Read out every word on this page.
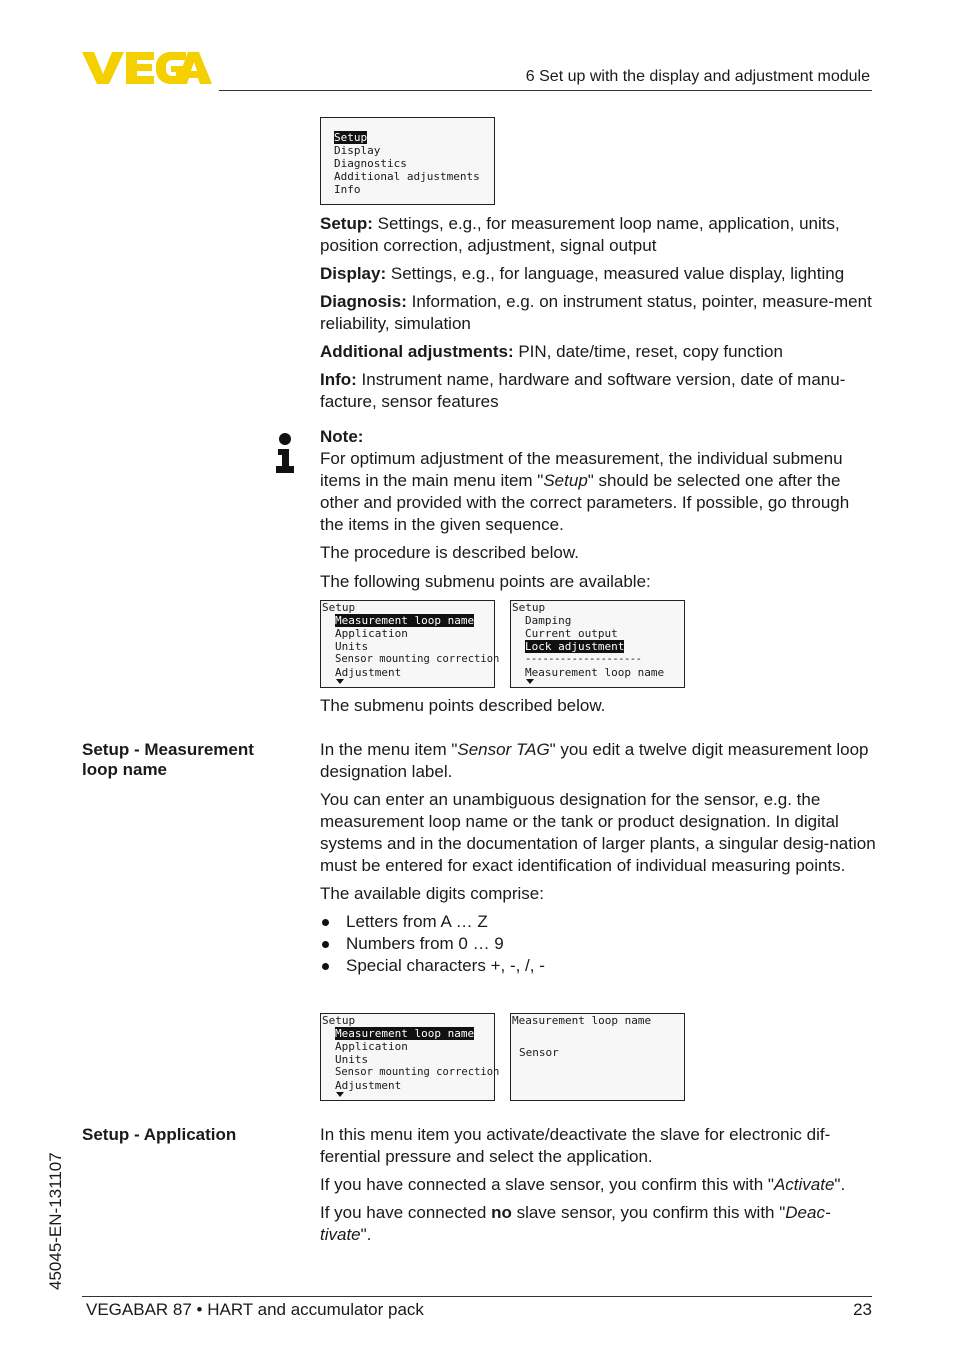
6 Set up with the display and adjustment module
Setup
Display
Diagnostics
Additional adjustments
Info

Setup: Settings, e.g., for measurement loop name, application, units, position correction, adjustment, signal output

Display: Settings, e.g., for language, measured value display, lighting

Diagnosis: Information, e.g. on instrument status, pointer, measure-ment reliability, simulation

Additional adjustments: PIN, date/time, reset, copy function

Info: Instrument name, hardware and software version, date of manu-facture, sensor features

Note:

For optimum adjustment of the measurement, the individual submenu items in the main menu item "Setup" should be selected one after the other and provided with the correct parameters. If possible, go through the items in the given sequence.

The procedure is described below.

The following submenu points are available:

Setup
Measurement loop name
Application
Units
Sensor mounting correction
Adjustment
Setup
Damping
Current output
Lock adjustment
--------------------
Measurement loop name
The submenu points described below.
Setup - Measurement loop name

In the menu item "Sensor TAG" you edit a twelve digit measurement loop designation label.

You can enter an unambiguous designation for the sensor, e.g. the measurement loop name or the tank or product designation. In digital systems and in the documentation of larger plants, a singular desig-nation must be entered for exact identification of individual measuring points.

The available digits comprise:

Letters from A … Z
Numbers from 0 … 9
Special characters +, -, /, -
Setup
Measurement loop name
Application
Units
Sensor mounting correction
Adjustment
Measurement loop name
Sensor
Setup - Application	In this menu item you activate/deactivate the slave for electronic dif-ferential pressure and select the application.

If you have connected a slave sensor, you confirm this with "Activate".

If you have connected no slave sensor, you confirm this with "Deac-tivate".

45045-EN-131107
VEGABAR 87 • HART and accumulator pack	23
